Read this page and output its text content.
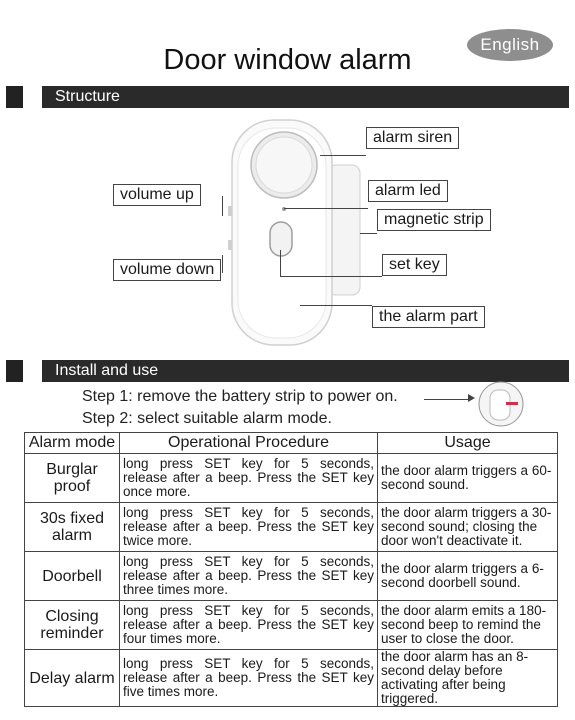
English
Door window alarm
Structure
alarm siren
alarm led
magnetic strip
set key
the alarm part
volume up
volume down
Install and use
Step 1: remove the battery strip to power on.
Step 2: select suitable alarm mode.
Alarm mode	Operational Procedure	Usage
Burglar proof	long press SET key for 5 seconds, release after a beep. Press the SET key once more.	the door alarm triggers a 60-second sound.
30s fixed alarm	long press SET key for 5 seconds, release after a beep. Press the SET key twice more.	the door alarm triggers a 30-second sound; closing the door won't deactivate it.
Doorbell	long press SET key for 5 seconds, release after a beep. Press the SET key three times more.	the door alarm triggers a 6-second doorbell sound.
Closing reminder	long press SET key for 5 seconds, release after a beep. Press the SET key four times more.	the door alarm emits a 180-second beep to remind the user to close the door.
Delay alarm	long press SET key for 5 seconds, release after a beep. Press the SET key five times more.	the door alarm has an 8-second delay before activating after being triggered.
